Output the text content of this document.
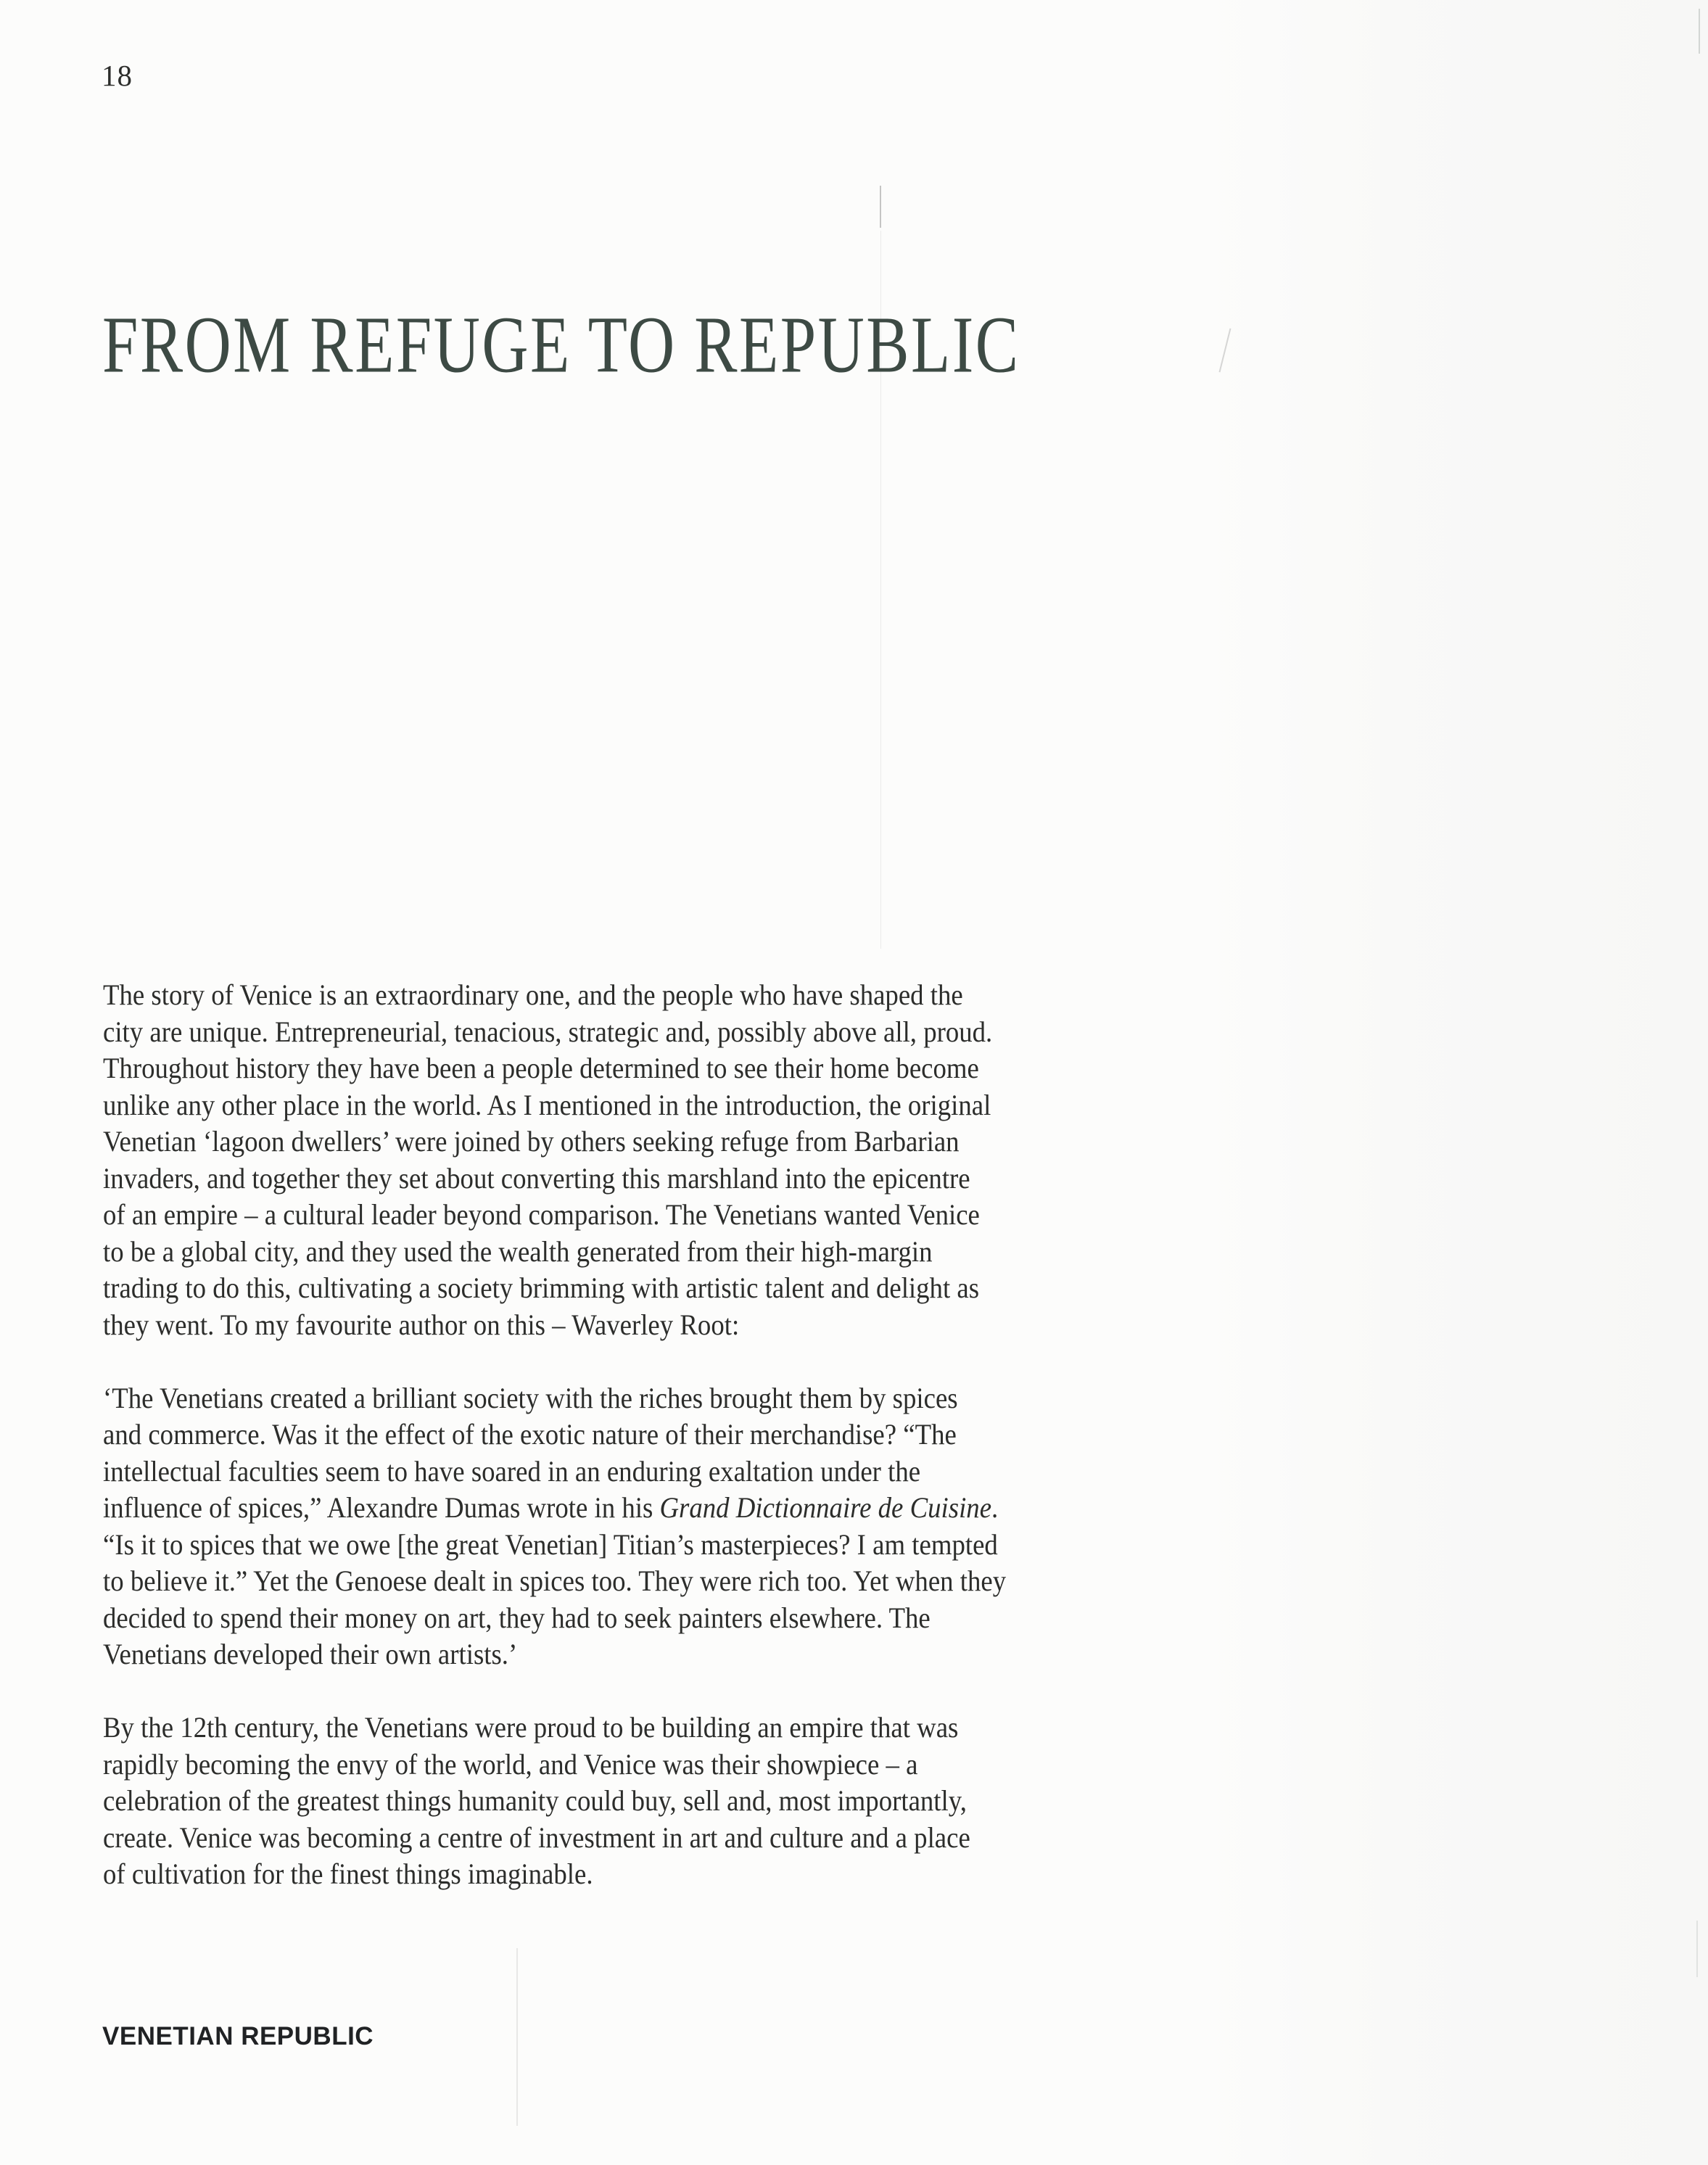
18
FROM REFUGE TO REPUBLIC
The story of Venice is an extraordinary one, and the people who have shaped the
city are unique. Entrepreneurial, tenacious, strategic and, possibly above all, proud.
Throughout history they have been a people determined to see their home become
unlike any other place in the world. As I mentioned in the introduction, the original
Venetian ‘lagoon dwellers’ were joined by others seeking refuge from Barbarian
invaders, and together they set about converting this marshland into the epicentre
of an empire – a cultural leader beyond comparison. The Venetians wanted Venice
to be a global city, and they used the wealth generated from their high-margin
trading to do this, cultivating a society brimming with artistic talent and delight as
they went. To my favourite author on this – Waverley Root:
‘The Venetians created a brilliant society with the riches brought them by spices
and commerce. Was it the effect of the exotic nature of their merchandise? “The
intellectual faculties seem to have soared in an enduring exaltation under the
influence of spices,” Alexandre Dumas wrote in his Grand Dictionnaire de Cuisine.
“Is it to spices that we owe [the great Venetian] Titian’s masterpieces? I am tempted
to believe it.” Yet the Genoese dealt in spices too. They were rich too. Yet when they
decided to spend their money on art, they had to seek painters elsewhere. The
Venetians developed their own artists.’
By the 12th century, the Venetians were proud to be building an empire that was
rapidly becoming the envy of the world, and Venice was their showpiece – a
celebration of the greatest things humanity could buy, sell and, most importantly,
create. Venice was becoming a centre of investment in art and culture and a place
of cultivation for the finest things imaginable.
VENETIAN REPUBLIC
